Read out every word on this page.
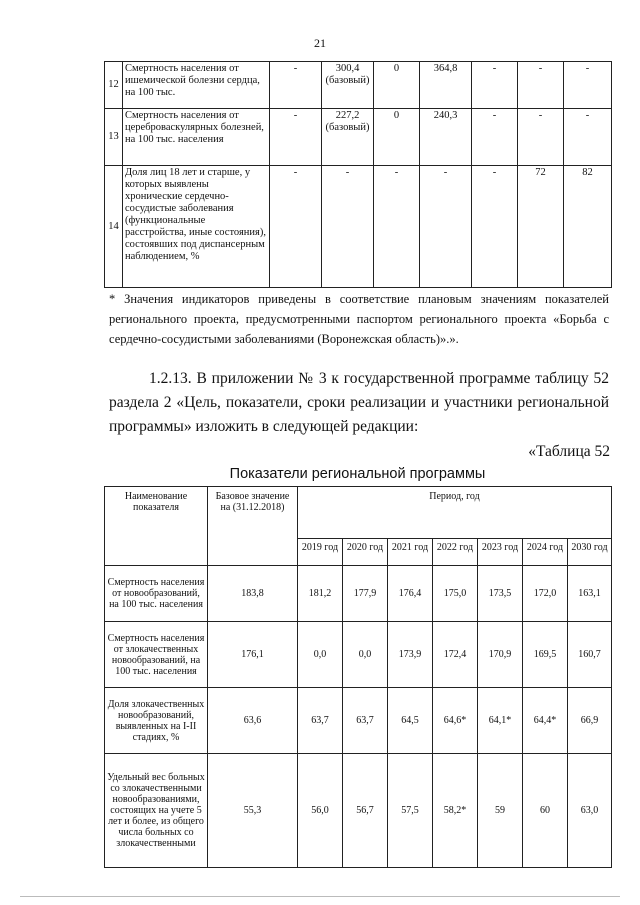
21
12	Смертность населения от ишемической болезни сердца, на 100 тыс.	-	300,4 (базовый)	0	364,8	-	-	-
13	Смертность населения от цереброваскулярных болезней, на 100 тыс. населения	-	227,2 (базовый)	0	240,3	-	-	-
14	Доля лиц 18 лет и старше, у которых выявлены хронические сердечно-сосудистые заболевания (функциональные расстройства, иные состояния), состоявших под диспансерным наблюдением, %	-	-	-	-	-	72	82
* Значения индикаторов приведены в соответствие плановым значениям показателей регионального проекта, предусмотренными паспортом регионального проекта «Борьба с сердечно-сосудистыми заболеваниями (Воронежская область)».».
1.2.13. В приложении № 3 к государственной программе таблицу 52 раздела 2 «Цель, показатели, сроки реализации и участники региональной программы» изложить в следующей редакции:
«Таблица 52
Показатели региональной программы
Наименование показателя	Базовое значение на (31.12.2018)	Период, год						
		2019 год	2020 год	2021 год	2022 год	2023 год	2024 год	2030 год
Смертность населения от новообразований, на 100 тыс. населения	183,8	181,2	177,9	176,4	175,0	173,5	172,0	163,1
Смертность населения от злокачественных новообразований, на 100 тыс. населения	176,1	0,0	0,0	173,9	172,4	170,9	169,5	160,7
Доля злокачественных новообразований, выявленных на I-II стадиях, %	63,6	63,7	63,7	64,5	64,6*	64,1*	64,4*	66,9
Удельный вес больных со злокачественными новообразованиями, состоящих на учете 5 лет и более, из общего числа больных со злокачественными	55,3	56,0	56,7	57,5	58,2*	59	60	63,0
